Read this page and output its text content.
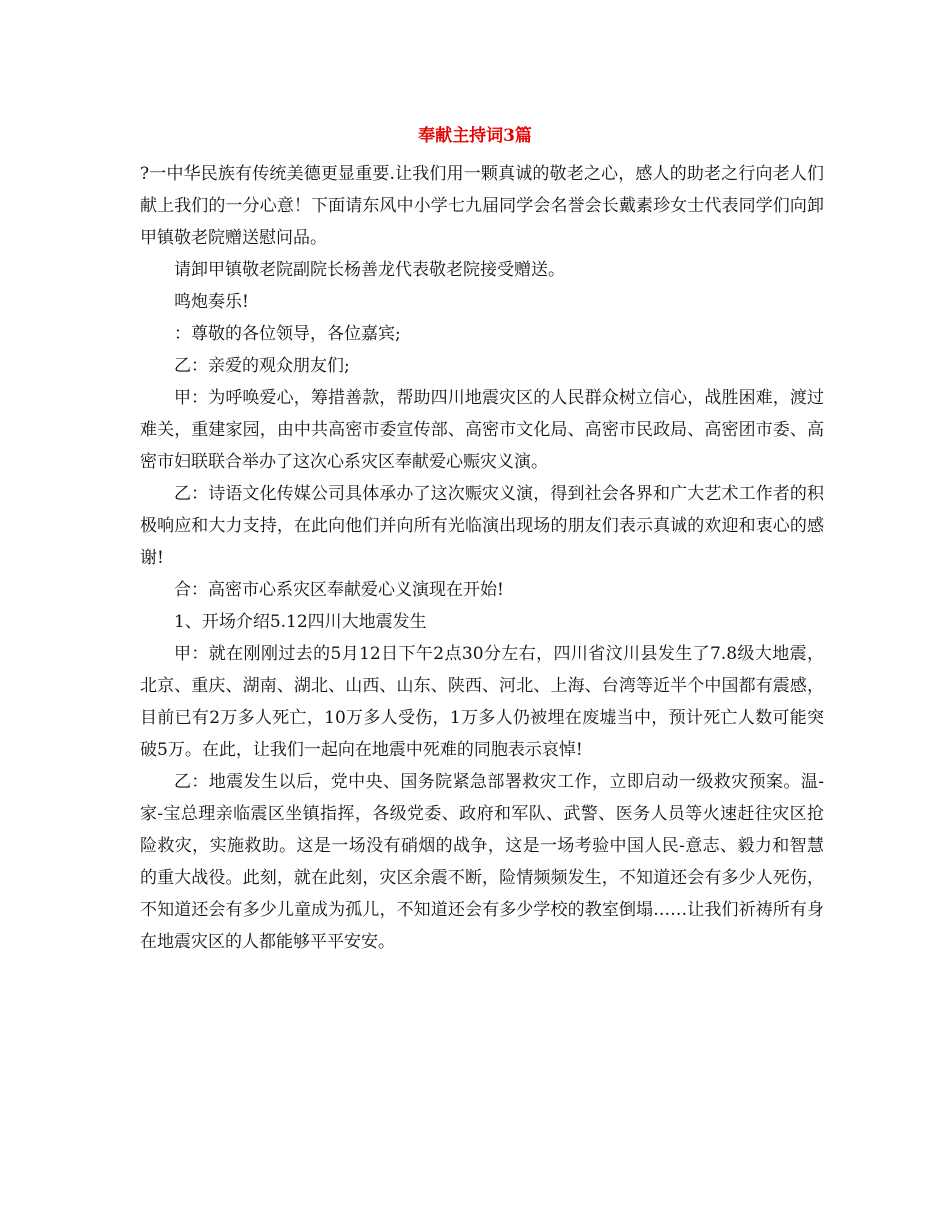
奉献主持词3篇

?一中华民族有传统美德更显重要.让我们用一颗真诚的敬老之心，感人的助老之行向老人们献上我们的一分心意！下面请东风中小学七九届同学会名誉会长戴素珍女士代表同学们向卸甲镇敬老院赠送慰问品。

请卸甲镇敬老院副院长杨善龙代表敬老院接受赠送。

鸣炮奏乐!

：尊敬的各位领导，各位嘉宾;

乙：亲爱的观众朋友们;

甲：为呼唤爱心，筹措善款，帮助四川地震灾区的人民群众树立信心，战胜困难，渡过难关，重建家园，由中共高密市委宣传部、高密市文化局、高密市民政局、高密团市委、高密市妇联联合举办了这次心系灾区奉献爱心赈灾义演。

乙：诗语文化传媒公司具体承办了这次赈灾义演，得到社会各界和广大艺术工作者的积极响应和大力支持，在此向他们并向所有光临演出现场的朋友们表示真诚的欢迎和衷心的感谢!

合：高密市心系灾区奉献爱心义演现在开始!

1、开场介绍5.12四川大地震发生

甲：就在刚刚过去的5月12日下午2点30分左右，四川省汶川县发生了7.8级大地震，北京、重庆、湖南、湖北、山西、山东、陕西、河北、上海、台湾等近半个中国都有震感，目前已有2万多人死亡，10万多人受伤，1万多人仍被埋在废墟当中，预计死亡人数可能突破5万。在此，让我们一起向在地震中死难的同胞表示哀悼!

乙：地震发生以后，党中央、国务院紧急部署救灾工作，立即启动一级救灾预案。温-家-宝总理亲临震区坐镇指挥，各级党委、政府和军队、武警、医务人员等火速赶往灾区抢险救灾，实施救助。这是一场没有硝烟的战争，这是一场考验中国人民-意志、毅力和智慧的重大战役。此刻，就在此刻，灾区余震不断，险情频频发生，不知道还会有多少人死伤，不知道还会有多少儿童成为孤儿，不知道还会有多少学校的教室倒塌……让我们祈祷所有身在地震灾区的人都能够平平安安。
